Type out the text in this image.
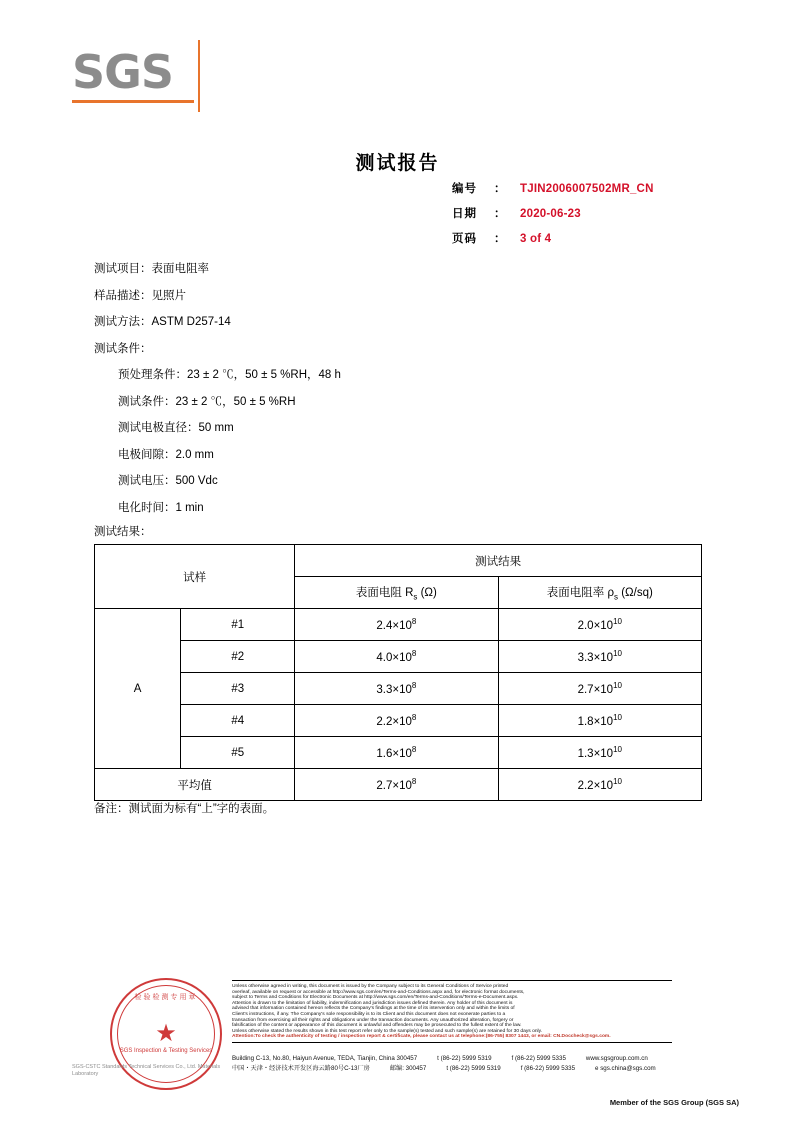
SGS
测试报告
编号	：	TJIN2006007502MR_CN
日期	：	2020-06-23
页码	：	3 of 4
测试项目：表面电阻率
样品描述：见照片
测试方法：ASTM D257-14
测试条件：
预处理条件：23 ± 2 ℃，50 ± 5 %RH，48 h
测试条件：23 ± 2 ℃，50 ± 5 %RH
测试电极直径：50 mm
电极间隙：2.0 mm
测试电压：500 Vdc
电化时间：1 min
测试结果：
试样		测试结果	
		表面电阻 $R_s$ (Ω)	表面电阻率 $\rho_s$ (Ω/sq)
A	#1	$2.4\times 10^8$	$2.0\times 10^{10}$
	#2	$4.0\times 10^8$	$3.3\times 10^{10}$
	#3	$3.3\times 10^8$	$2.7\times 10^{10}$
	#4	$2.2\times 10^8$	$1.8\times 10^{10}$
	#5	$1.6\times 10^8$	$1.3\times 10^{10}$
平均值		$2.7\times 10^8$	$2.2\times 10^{10}$
备注：测试面为标有“上”字的表面。
检验检测专用章
★
SGS Inspection & Testing Services
SGS-CSTC Standards Technical Services Co., Ltd. Materials Laboratory
Unless otherwise agreed in writing, this document is issued by the Company subject to its General Conditions of Service printed
overleaf, available on request or accessible at http://www.sgs.com/en/Terms-and-Conditions.aspx and, for electronic format documents,
subject to Terms and Conditions for Electronic Documents at http://www.sgs.com/en/Terms-and-Conditions/Terms-e-Document.aspx.
Attention is drawn to the limitation of liability, indemnification and jurisdiction issues defined therein. Any holder of this document is
advised that information contained hereon reflects the Company's findings at the time of its intervention only and within the limits of
Client's instructions, if any. The Company's sole responsibility is to its Client and this document does not exonerate parties to a
transaction from exercising all their rights and obligations under the transaction documents. Any unauthorized alteration, forgery or
falsification of the content or appearance of this document is unlawful and offenders may be prosecuted to the fullest extent of the law.
Unless otherwise stated the results shown in this test report refer only to the sample(s) tested and such sample(s) are retained for 30 days only.
Attention:To check the authenticity of testing / inspection report & certificate, please contact us at telephone:(86-755) 8307 1443, or email: CN.Doccheck@sgs.com.
Building C-13, No.80, Haiyun Avenue, TEDA, Tianjin, China 300457	t (86-22) 5999 5319	f (86-22) 5999 5335	www.sgsgroup.com.cn
中国・天津・经济技术开发区海云路80号C-13厂房	邮编: 300457	t (86-22) 5999 5319	f (86-22) 5999 5335	e sgs.china@sgs.com
Member of the SGS Group (SGS SA)
